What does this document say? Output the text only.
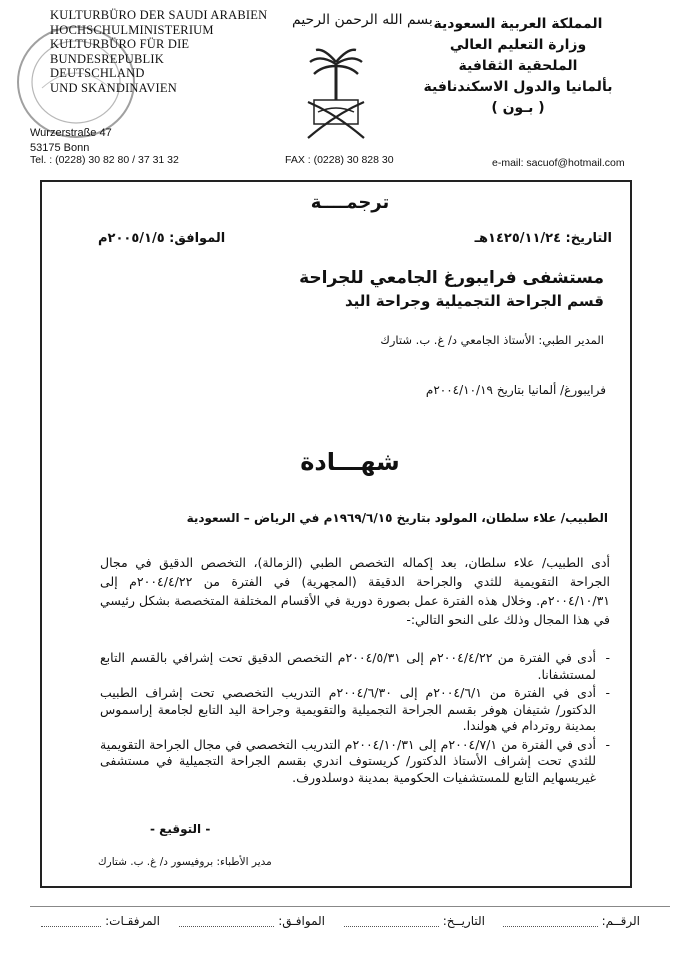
KULTURBÜRO DER SAUDI ARABIEN
HOCHSCHULMINISTERIUM
KULTURBÜRO FÜR DIE
BUNDESREPUBLIK
DEUTSCHLAND
UND SKANDINAVIEN
Wurzerstraße 47
53175 Bonn
Tel. : (0228) 30 82 80 / 37 31 32
بسم الله الرحمن الرحيم
FAX : (0228) 30 828 30
المملكة العربية السعودية
وزارة التعليم العالي
الملحقية الثقافية
بألمانيا والدول الاسكندنافية
( بـون )
e-mail: sacuof@hotmail.com
ترجمــــة
التاريخ: ١٤٢٥/١١/٢٤هـ
الموافق: ٢٠٠٥/١/٥م
مستشفى فرايبورغ الجامعي للجراحة
قسم الجراحة التجميلية وجراحة اليد
المدير الطبي: الأستاذ الجامعي د/ غ. ب. شتارك
فرايبورغ/ ألمانيا بتاريخ ٢٠٠٤/١٠/١٩م
شهـــادة
الطبيب/ علاء سلطان، المولود بتاريخ ١٩٦٩/٦/١٥م في الرياض – السعودية
أدى الطبيب/ علاء سلطان، بعد إكماله التخصص الطبي (الزمالة)، التخصص الدقيق في مجال الجراحة التقويمية للثدي والجراحة الدقيقة (المجهرية) في الفترة من ٢٠٠٤/٤/٢٢م إلى ٢٠٠٤/١٠/٣١م. وخلال هذه الفترة عمل بصورة دورية في الأقسام المختلفة المتخصصة بشكل رئيسي في هذا المجال وذلك على النحو التالي:-
- أدى في الفترة من ٢٠٠٤/٤/٢٢م إلى ٢٠٠٤/٥/٣١م التخصص الدقيق تحت إشرافي بالقسم التابع لمستشفانا.
- أدى في الفترة من ٢٠٠٤/٦/١م إلى ٢٠٠٤/٦/٣٠م التدريب التخصصي تحت إشراف الطبيب الدكتور/ شتيفان هوفر بقسم الجراحة التجميلية والتقويمية وجراحة اليد التابع لجامعة إراسموس بمدينة روتردام في هولندا.
- أدى في الفترة من ٢٠٠٤/٧/١م إلى ٢٠٠٤/١٠/٣١م التدريب التخصصي في مجال الجراحة التقويمية للثدي تحت إشراف الأستاذ الدكتور/ كريستوف اندري بقسم الجراحة التجميلية في مستشفى غيريسهايم التابع للمستشفيات الحكومية بمدينة دوسلدورف.
- التوقيع -
مدير الأطباء: بروفيسور د/ غ. ب. شتارك
الرقــم:
التاريــخ:
الموافـق:
المرفقـات:
